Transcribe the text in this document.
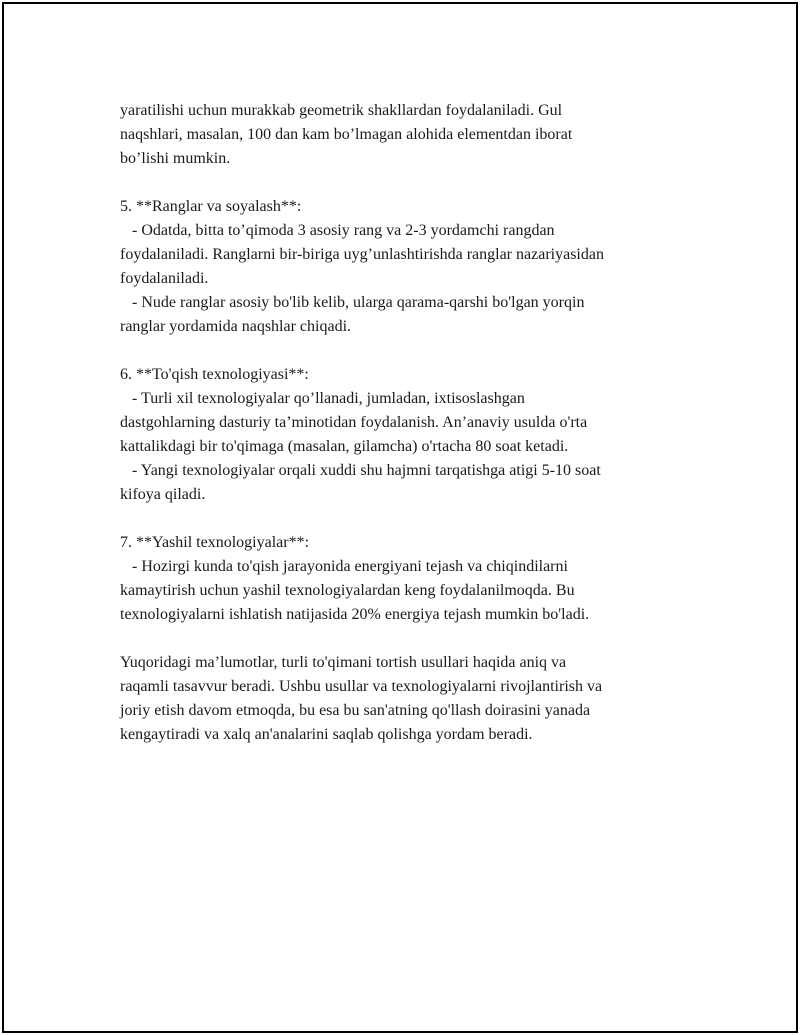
yaratilishi uchun murakkab geometrik shakllardan foydalaniladi. Gul
naqshlari, masalan, 100 dan kam bo’lmagan alohida elementdan iborat
bo’lishi mumkin.
5. **Ranglar va soyalash**:
- Odatda, bitta to’qimoda 3 asosiy rang va 2-3 yordamchi rangdan
foydalaniladi. Ranglarni bir-biriga uyg’unlashtirishda ranglar nazariyasidan
foydalaniladi.
- Nude ranglar asosiy bo'lib kelib, ularga qarama-qarshi bo'lgan yorqin
ranglar yordamida naqshlar chiqadi.
6. **To'qish texnologiyasi**:
- Turli xil texnologiyalar qo’llanadi, jumladan, ixtisoslashgan
dastgohlarning dasturiy ta’minotidan foydalanish. An’anaviy usulda o'rta
kattalikdagi bir to'qimaga (masalan, gilamcha) o'rtacha 80 soat ketadi.
- Yangi texnologiyalar orqali xuddi shu hajmni tarqatishga atigi 5-10 soat
kifoya qiladi.
7. **Yashil texnologiyalar**:
- Hozirgi kunda to'qish jarayonida energiyani tejash va chiqindilarni
kamaytirish uchun yashil texnologiyalardan keng foydalanilmoqda. Bu
texnologiyalarni ishlatish natijasida 20% energiya tejash mumkin bo'ladi.
Yuqoridagi ma’lumotlar, turli to'qimani tortish usullari haqida aniq va
raqamli tasavvur beradi. Ushbu usullar va texnologiyalarni rivojlantirish va
joriy etish davom etmoqda, bu esa bu san'atning qo'llash doirasini yanada
kengaytiradi va xalq an'analarini saqlab qolishga yordam beradi.
